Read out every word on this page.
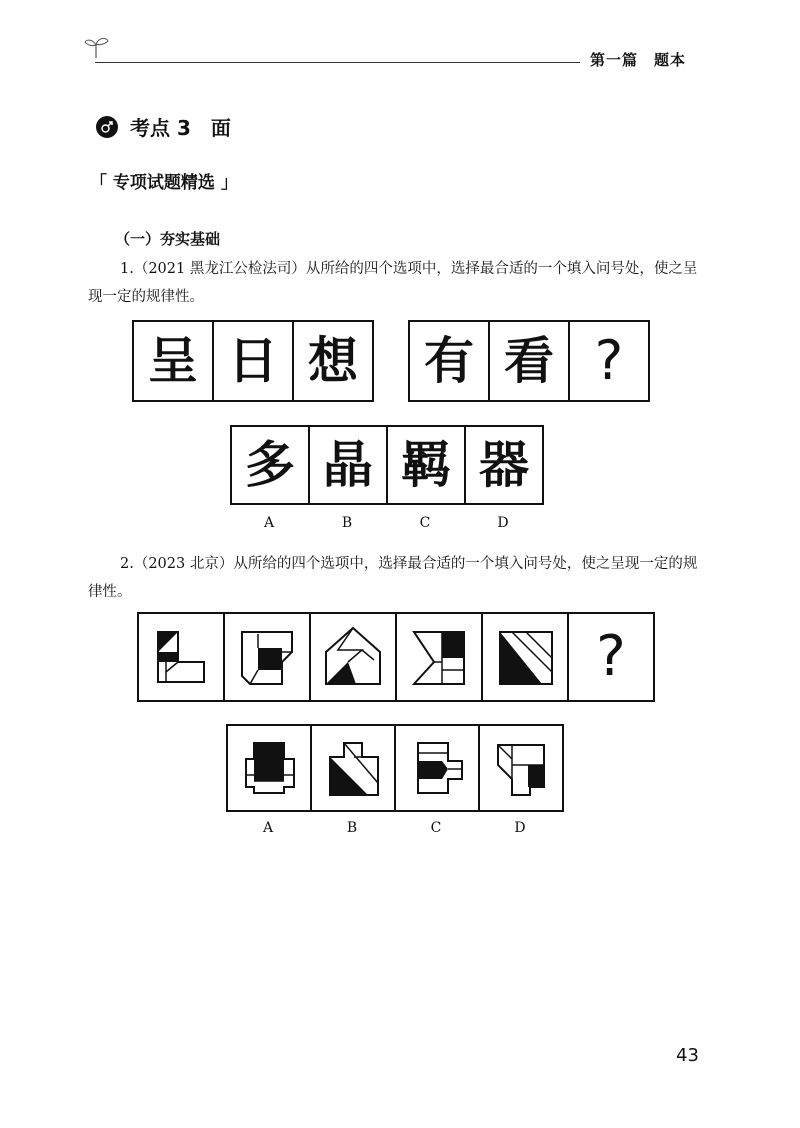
第一篇　题本
考点 3　面
「 专项试题精选 」
（一）夯实基础
1.（2021 黑龙江公检法司）从所给的四个选项中，选择最合适的一个填入问号处，使之呈现一定的规律性。
呈 日 想 有 看 ?
多 晶 羁 器
A	B	C	D
2.（2023 北京）从所给的四个选项中，选择最合适的一个填入问号处，使之呈现一定的规律性。
?
A	B	C	D
43
